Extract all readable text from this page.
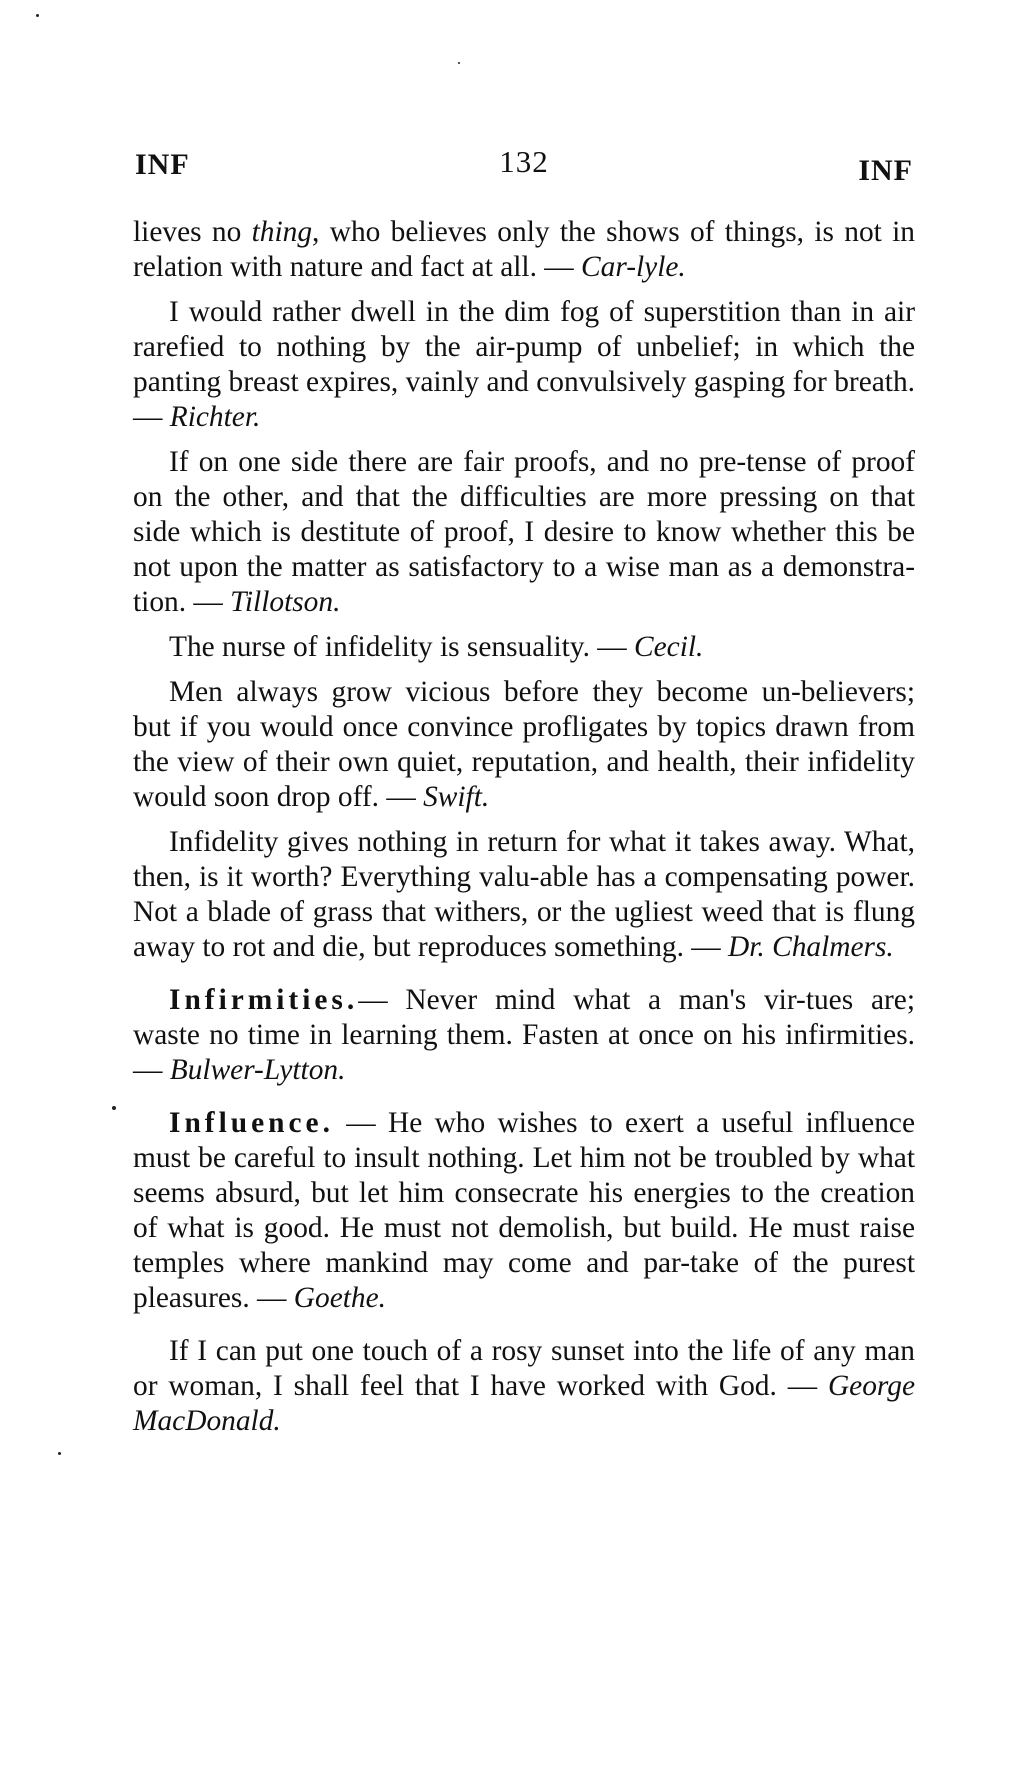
INF	132	INF

lieves no thing, who believes only the shows of things, is not in relation with nature and fact at all. — Car-lyle.

I would rather dwell in the dim fog of superstition than in air rarefied to nothing by the air-pump of unbelief; in which the panting breast expires, vainly and convulsively gasping for breath. — Richter.

If on one side there are fair proofs, and no pre-tense of proof on the other, and that the difficulties are more pressing on that side which is destitute of proof, I desire to know whether this be not upon the matter as satisfactory to a wise man as a demonstra-tion. — Tillotson.

The nurse of infidelity is sensuality. — Cecil.

Men always grow vicious before they become un-believers; but if you would once convince profligates by topics drawn from the view of their own quiet, reputation, and health, their infidelity would soon drop off. — Swift.

Infidelity gives nothing in return for what it takes away. What, then, is it worth? Everything valu-able has a compensating power. Not a blade of grass that withers, or the ugliest weed that is flung away to rot and die, but reproduces something. — Dr. Chalmers.

Infirmities.— Never mind what a man's vir-tues are; waste no time in learning them. Fasten at once on his infirmities. — Bulwer-Lytton.

Influence. — He who wishes to exert a useful influence must be careful to insult nothing. Let him not be troubled by what seems absurd, but let him consecrate his energies to the creation of what is good. He must not demolish, but build. He must raise temples where mankind may come and par-take of the purest pleasures. — Goethe.

If I can put one touch of a rosy sunset into the life of any man or woman, I shall feel that I have worked with God. — George MacDonald.
